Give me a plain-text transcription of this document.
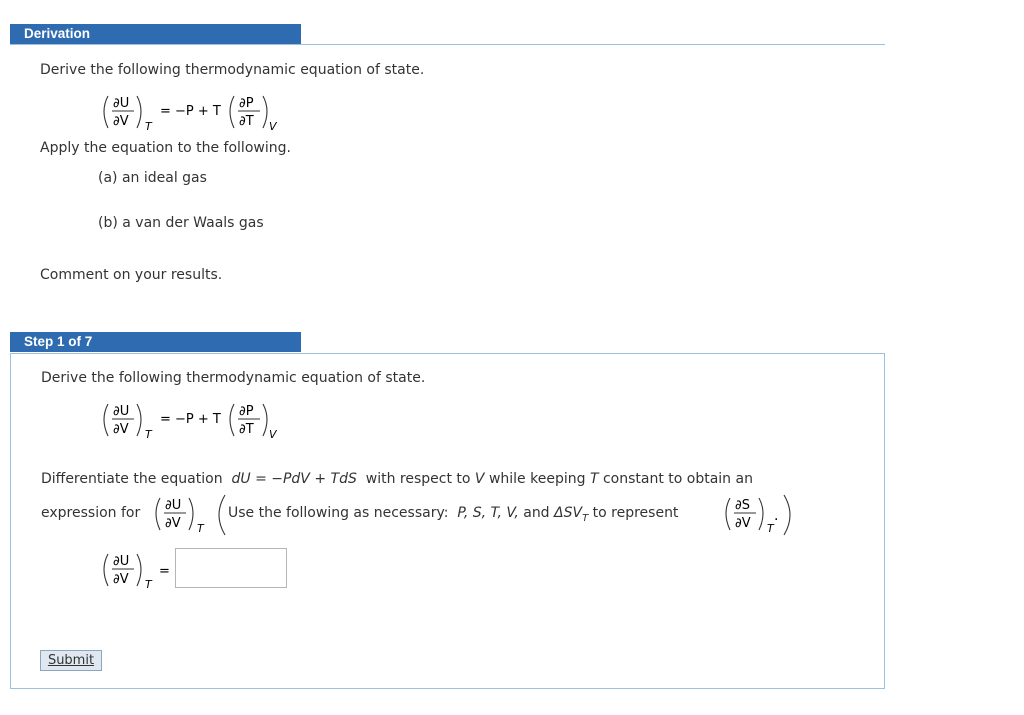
Derivation
Derive the following thermodynamic equation of state.
∂U
∂V T
= −P + T
∂P
∂T V
Apply the equation to the following.
(a) an ideal gas
(b) a van der Waals gas
Comment on your results.
Step 1 of 7
Derive the following thermodynamic equation of state.
∂U
∂V T
= −P + T
∂P
∂T V
Differentiate the equation dU = −PdV + TdS with respect to V while keeping T constant to obtain an
expression for ∂U
∂V T
Use the following as necessary: P, S, T, V, and $\Delta SV_T$ to represent	∂S
∂V T
.
∂U
∂V T
=
Submit
